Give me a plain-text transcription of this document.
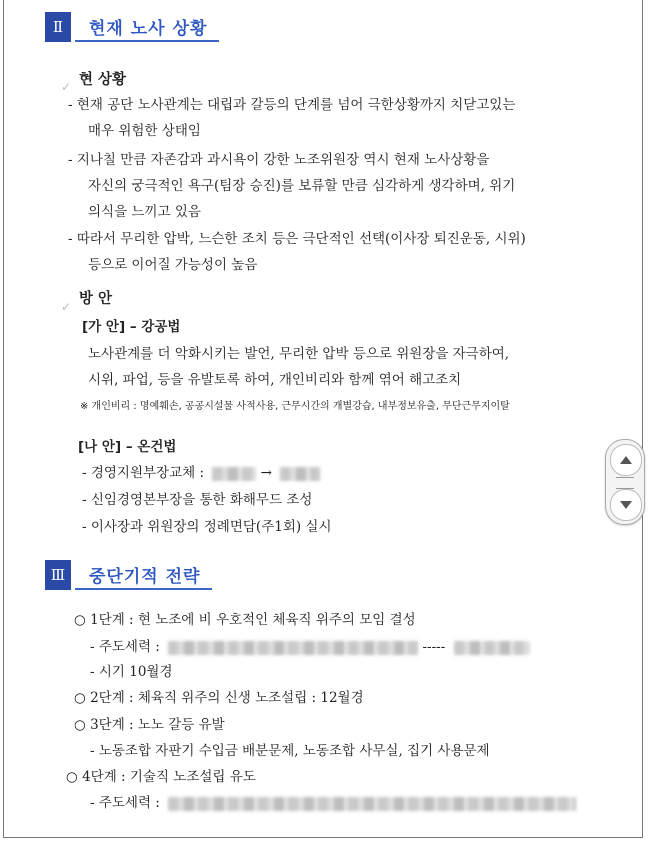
Ⅱ	현재 노사 상황
✓ 현 상황
- 현재 공단 노사관계는 대립과 갈등의 단계를 넘어 극한상황까지 치닫고있는
매우 위험한 상태임
- 지나칠 만큼 자존감과 과시욕이 강한 노조위원장 역시 현재 노사상황을
자신의 궁극적인 욕구(팀장 승진)를 보류할 만큼 심각하게 생각하며, 위기
의식을 느끼고 있음
- 따라서 무리한 압박, 느슨한 조치 등은 극단적인 선택(이사장 퇴진운동, 시위)
등으로 이어질 가능성이 높음
✓ 방 안
[가 안] – 강공법
노사관계를 더 악화시키는 발언, 무리한 압박 등으로 위원장을 자극하여,
시위, 파업, 등을 유발토록 하여, 개인비리와 함께 엮어 해고조치
※ 개인비리 : 명예훼손, 공공시설물 사적사용, 근무시간의 개별강습, 내부정보유출, 무단근무지이탈
[나 안] – 온건법
- 경영지원부장교체 :	→
- 신임경영본부장을 통한 화해무드 조성
- 이사장과 위원장의 정례면담(주1회) 실시
Ⅲ	중단기적 전략
○ 1단계 : 현 노조에 비 우호적인 체육직 위주의 모임 결성
- 주도세력 :	-----
- 시기 10월경
○ 2단계 : 체육직 위주의 신생 노조설립 : 12월경
○ 3단계 : 노노 갈등 유발
- 노동조합 자판기 수입금 배분문제, 노동조합 사무실, 집기 사용문제
○ 4단계 : 기술직 노조설립 유도
- 주도세력 :
